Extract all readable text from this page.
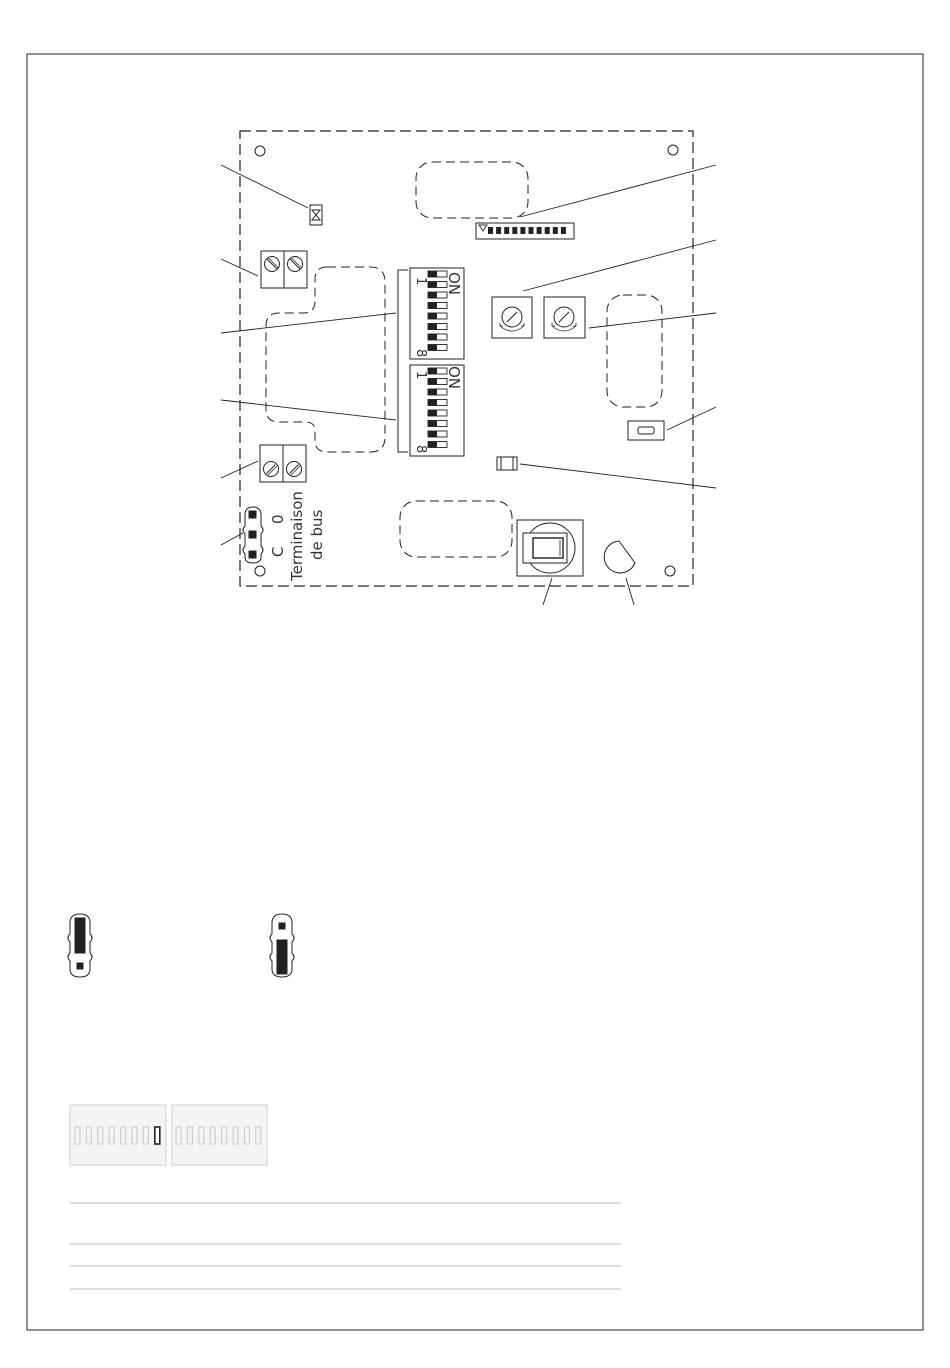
1 ON
8
1 ON
8
C
0 Terminaison de bus
